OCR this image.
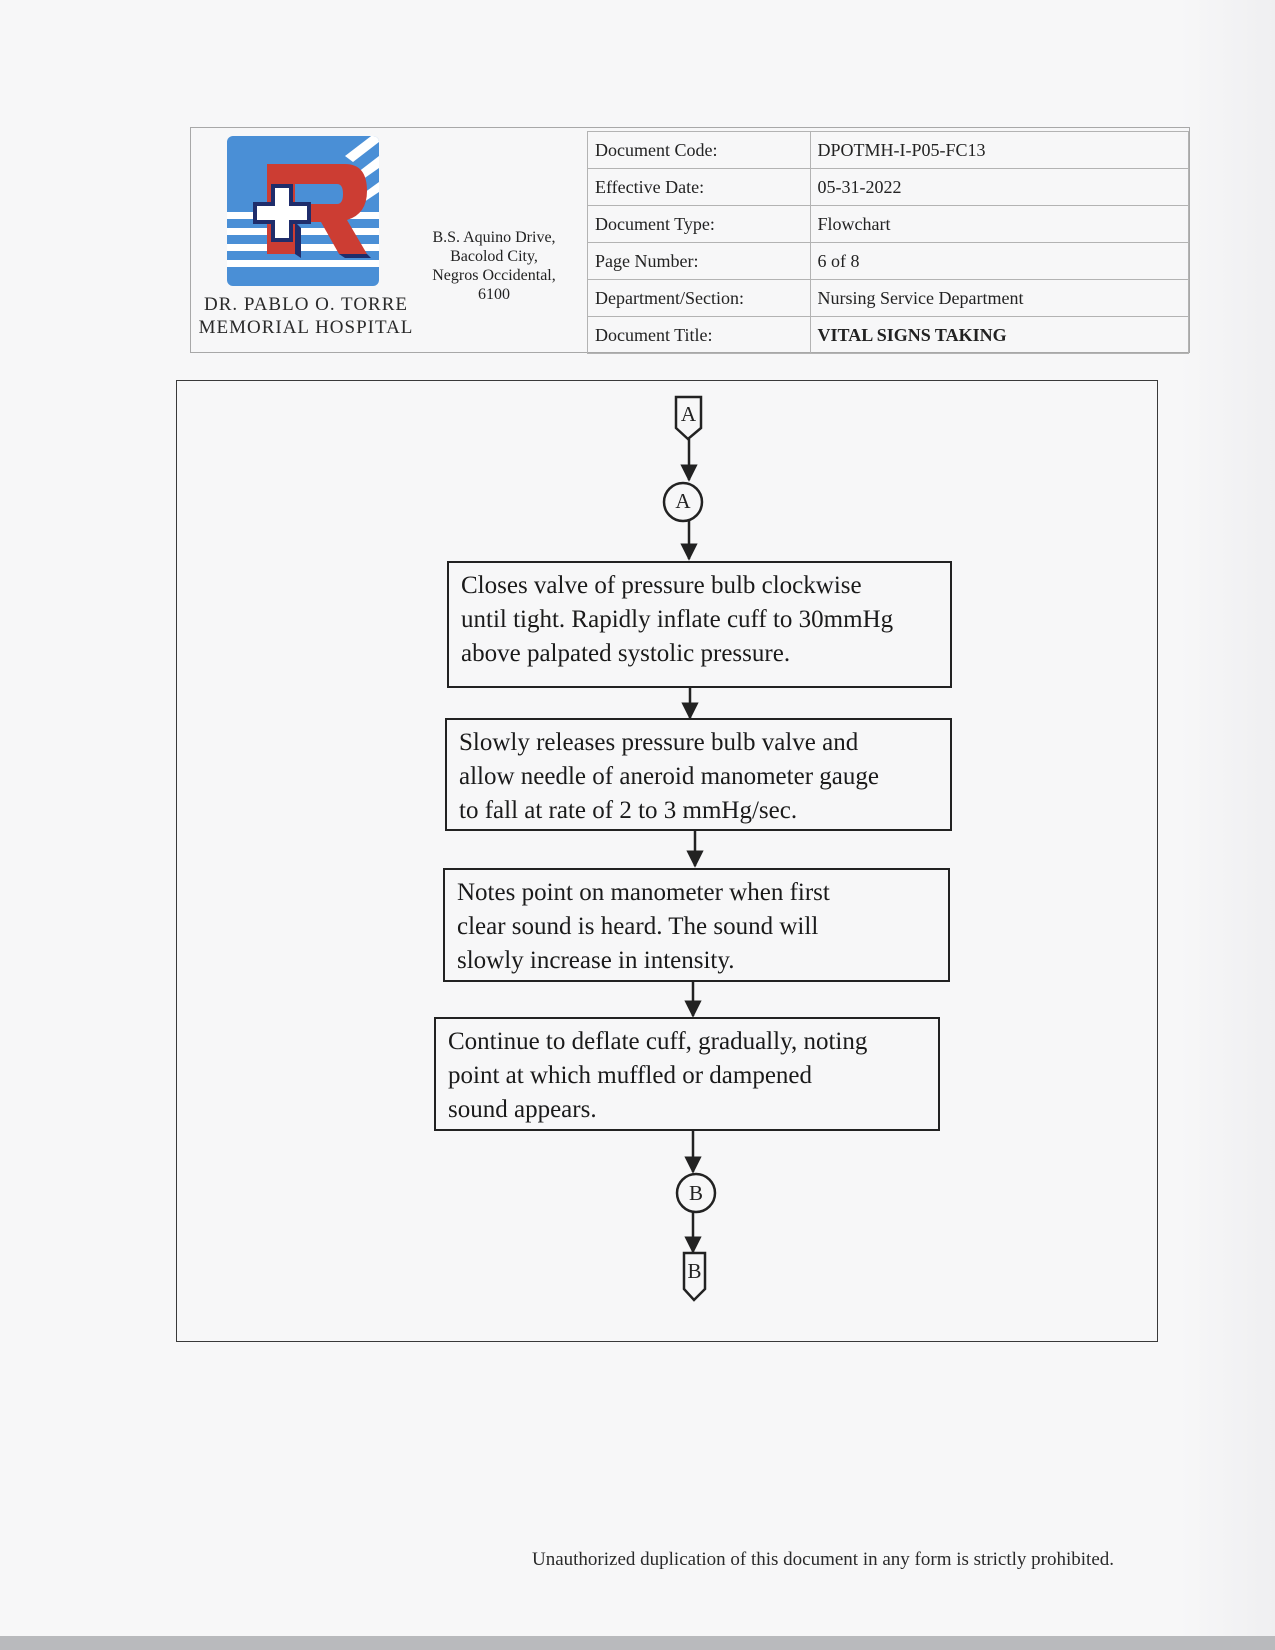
DR. PABLO O. TORRE
MEMORIAL HOSPITAL
B.S. Aquino Drive,
Bacolod City,
Negros Occidental,
6100
Document Code:	DPOTMH-I-P05-FC13
Effective Date:	05-31-2022
Document Type:	Flowchart
Page Number:	6 of 8
Department/Section:	Nursing Service Department
Document Title:	VITAL SIGNS TAKING
A
A
Closes valve of pressure bulb clockwise
until tight. Rapidly inflate cuff to 30mmHg
above palpated systolic pressure.
Slowly releases pressure bulb valve and
allow needle of aneroid manometer gauge
to fall at rate of 2 to 3 mmHg/sec.
Notes point on manometer when first
clear sound is heard. The sound will
slowly increase in intensity.
Continue to deflate cuff, gradually, noting
point at which muffled or dampened
sound appears.
B
B
Unauthorized duplication of this document in any form is strictly prohibited.
